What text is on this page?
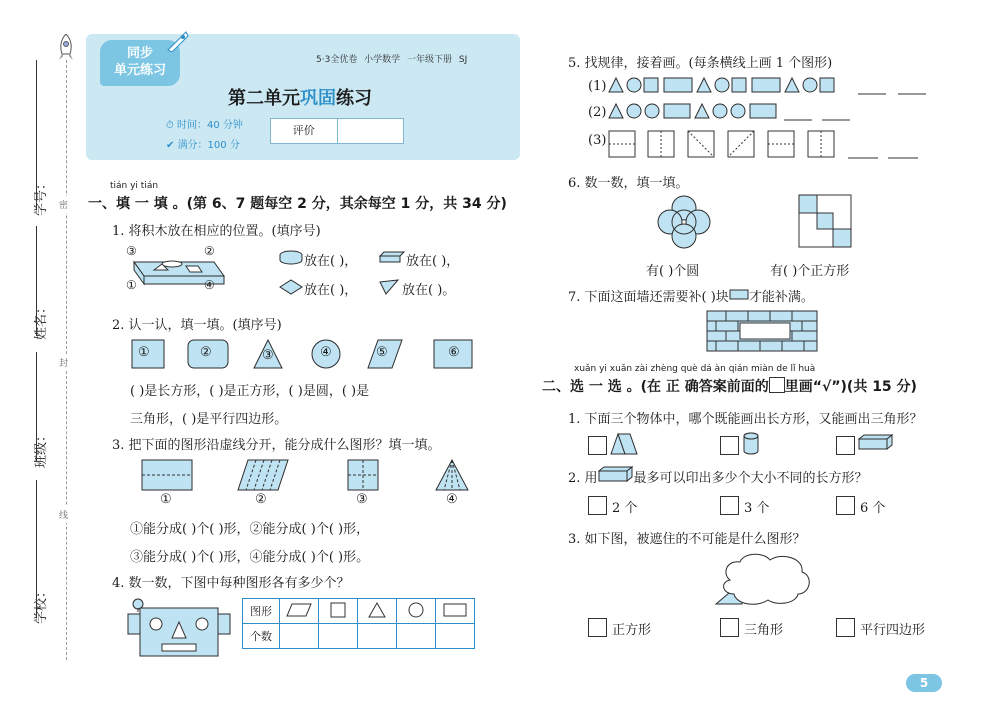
学号：
姓名：
班级：
学校：
密
封
线
同步
单元练习
5·3全优卷 小学数学 一年级下册 SJ
第二单元巩固练习
⏱ 时间：40 分钟
✔ 满分：100 分
评价
tián yi tián
一、填 一 填 。(第 6、7 题每空 2 分，其余每空 1 分，共 34 分)
1. 将积木放在相应的位置。(填序号)
③	②
①	④
放在( )，	放在( )，
放在( )，	放在( )。
2. 认一认，填一填。(填序号)
①	②	③	④	⑤	⑥
( )是长方形，( )是正方形，( )是圆，( )是
三角形，( )是平行四边形。
3. 把下面的图形沿虚线分开，能分成什么图形？填一填。
①	②	③	④
①能分成( )个( )形，②能分成( )个( )形，
③能分成( )个( )形，④能分成( )个( )形。
4. 数一数，下图中每种图形各有多少个？
图形					
个数					
5. 找规律，接着画。(每条横线上画 1 个图形)
(1)
(2)
(3)
6. 数一数，填一填。
有( )个圆	有( )个正方形
7. 下面这面墙还需要补( )块 才能补满。
xuǎn yi xuǎn zài zhèng què dá àn qián miàn de lǐ huà
二、选 一 选 。(在 正 确答案前面的 里画“√”)(共 15 分)
1. 下面三个物体中，哪个既能画出长方形，又能画出三角形？
2. 用	最多可以印出多少个大小不同的长方形？
2 个	3 个	6 个
3. 如下图，被遮住的不可能是什么图形？
正方形	三角形	平行四边形
5
